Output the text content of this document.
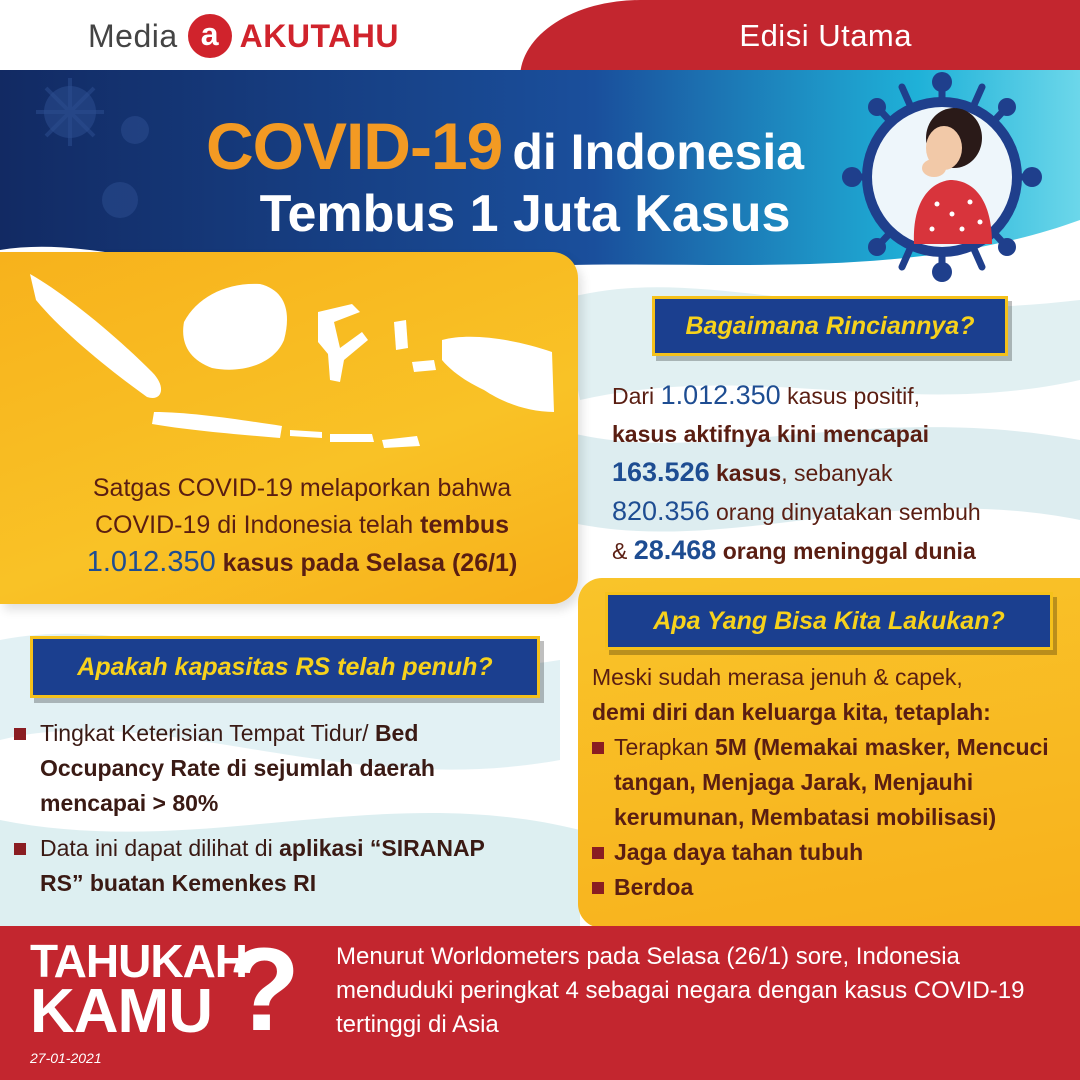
Media a AKUTAHU	Edisi Utama
COVID-19 di Indonesia
Tembus 1 Juta Kasus
Satgas COVID-19 melaporkan bahwa
COVID-19 di Indonesia telah tembus
1.012.350 kasus pada Selasa (26/1)
Bagaimana Rinciannya?
Dari 1.012.350 kasus positif,
kasus aktifnya kini mencapai
163.526 kasus, sebanyak
820.356 orang dinyatakan sembuh
& 28.468 orang meninggal dunia
Apa Yang Bisa Kita Lakukan?
Meski sudah merasa jenuh & capek,
demi diri dan keluarga kita, tetaplah:
Terapkan 5M (Memakai masker, Mencuci tangan, Menjaga Jarak, Menjauhi kerumunan, Membatasi mobilisasi)
Jaga daya tahan tubuh
Berdoa
Apakah kapasitas RS telah penuh?
Tingkat Keterisian Tempat Tidur/ Bed Occupancy Rate di sejumlah daerah mencapai > 80%
Data ini dapat dilihat di aplikasi “SIRANAP RS” buatan Kemenkes RI
TAHUKAH
KAMU ? Menurut Worldometers pada Selasa (26/1) sore, Indonesia menduduki peringkat 4 sebagai negara dengan kasus COVID-19 tertinggi di Asia
27-01-2021
